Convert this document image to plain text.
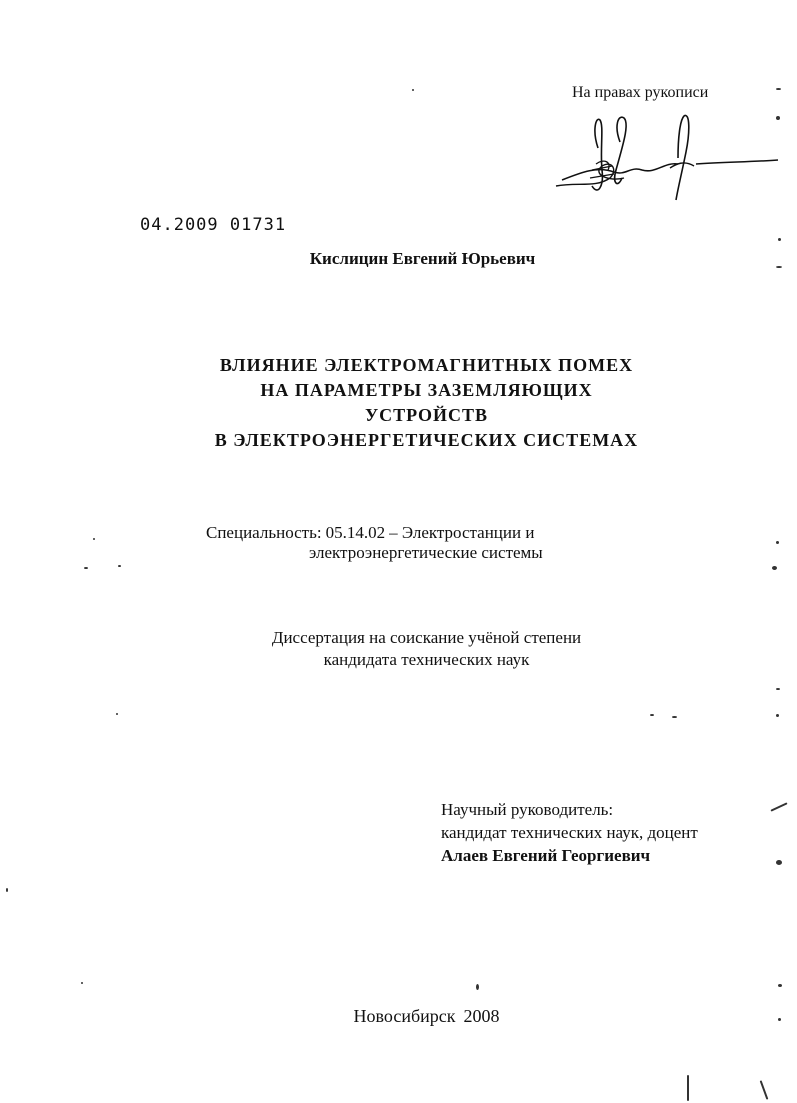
На правах рукописи
04.2009 01731
Кислицин Евгений Юрьевич
ВЛИЯНИЕ ЭЛЕКТРОМАГНИТНЫХ ПОМЕХ
НА ПАРАМЕТРЫ ЗАЗЕМЛЯЮЩИХ
УСТРОЙСТВ
В ЭЛЕКТРОЭНЕРГЕТИЧЕСКИХ СИСТЕМАХ
Специальность: 05.14.02 – Электростанции и
электроэнергетические системы
Диссертация на соискание учёной степени
кандидата технических наук
Научный руководитель:
кандидат технических наук, доцент
Алаев Евгений Георгиевич
Новосибирск 2008
